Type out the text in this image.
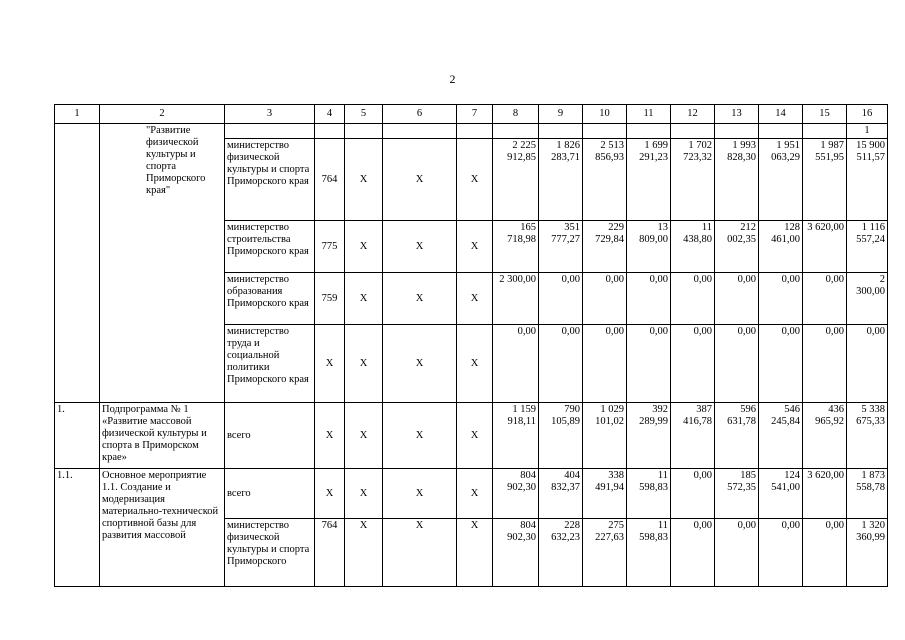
2
1	2	3	4	5	6	7	8	9	10	11	12	13	14	15	16
	"Развитие физической культуры и спорта Приморского края"														1
		министерство физической культуры и спорта Приморского края	764	X	X	X	2 225 912,85	1 826 283,71	2 513 856,93	1 699 291,23	1 702 723,32	1 993 828,30	1 951 063,29	1 987 551,95	15 900 511,57
		министерство строительства Приморского края	775	X	X	X	165 718,98	351 777,27	229 729,84	13 809,00	11 438,80	212 002,35	128 461,00	3 620,00	1 116 557,24
		министерство образования Приморского края	759	X	X	X	2 300,00	0,00	0,00	0,00	0,00	0,00	0,00	0,00	2 300,00
		министерство труда и социальной политики Приморского края	X	X	X	X	0,00	0,00	0,00	0,00	0,00	0,00	0,00	0,00	0,00
1.	Подпрограмма № 1 «Развитие массовой физической культуры и спорта в Приморском крае»	всего	X	X	X	X	1 159 918,11	790 105,89	1 029 101,02	392 289,99	387 416,78	596 631,78	546 245,84	436 965,92	5 338 675,33
1.1.	Основное мероприятие 1.1. Создание и модернизация материально-технической спортивной базы для развития массовой	всего	X	X	X	X	804 902,30	404 832,37	338 491,94	11 598,83	0,00	185 572,35	124 541,00	3 620,00	1 873 558,78
		министерство физической культуры и спорта Приморского	764	X	X	X	804 902,30	228 632,23	275 227,63	11 598,83	0,00	0,00	0,00	0,00	1 320 360,99
